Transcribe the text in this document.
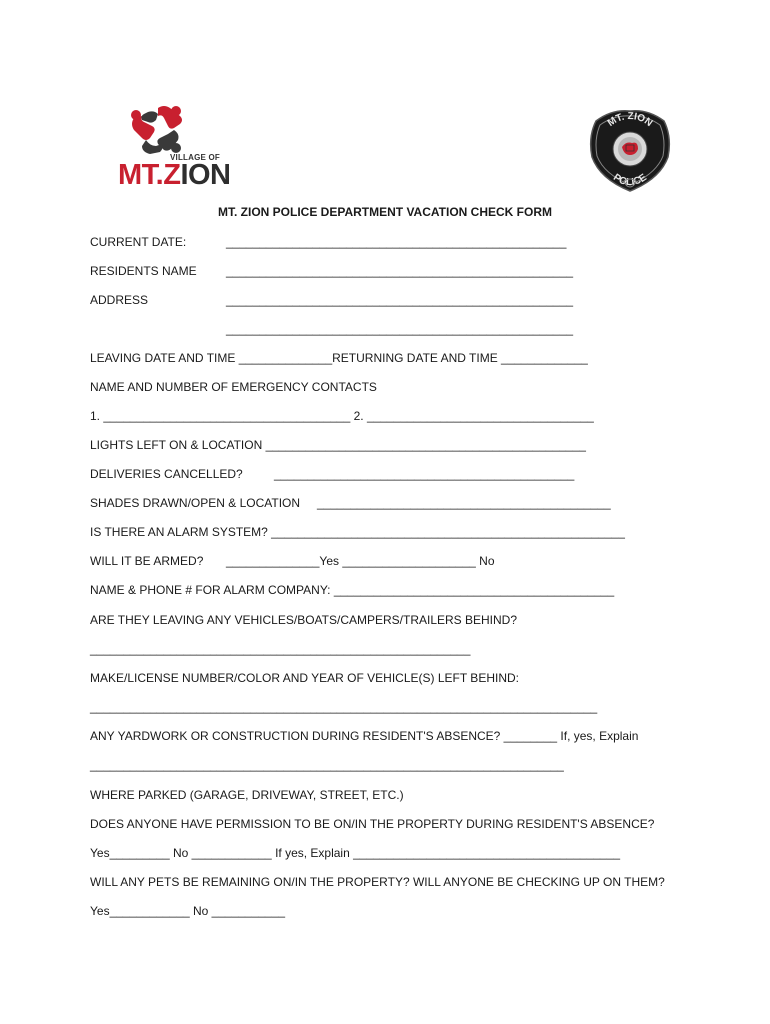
VILLAGE OF
MT.ZION
MT. ZION
POLICE
MT. ZION POLICE DEPARTMENT VACATION CHECK FORM
CURRENT DATE:	___________________________________________________
RESIDENTS NAME ____________________________________________________
ADDRESS	____________________________________________________
____________________________________________________
LEAVING DATE AND TIME ______________RETURNING DATE AND TIME _____________
NAME AND NUMBER OF EMERGENCY CONTACTS
1. _____________________________________ 2. __________________________________
LIGHTS LEFT ON & LOCATION ________________________________________________
DELIVERIES CANCELLED?	_____________________________________________
SHADES DRAWN/OPEN & LOCATION ____________________________________________
IS THERE AN ALARM SYSTEM? _____________________________________________________
WILL IT BE ARMED? ______________Yes ____________________ No
NAME & PHONE # FOR ALARM COMPANY: __________________________________________
ARE THEY LEAVING ANY VEHICLES/BOATS/CAMPERS/TRAILERS BEHIND?
_________________________________________________________
MAKE/LICENSE NUMBER/COLOR AND YEAR OF VEHICLE(S) LEFT BEHIND:
____________________________________________________________________________
ANY YARDWORK OR CONSTRUCTION DURING RESIDENT'S ABSENCE? ________ If, yes, Explain
_______________________________________________________________________
WHERE PARKED (GARAGE, DRIVEWAY, STREET, ETC.)
DOES ANYONE HAVE PERMISSION TO BE ON/IN THE PROPERTY DURING RESIDENT'S ABSENCE?
Yes_________ No ____________ If yes, Explain ________________________________________
WILL ANY PETS BE REMAINING ON/IN THE PROPERTY? WILL ANYONE BE CHECKING UP ON THEM?
Yes____________ No ___________
